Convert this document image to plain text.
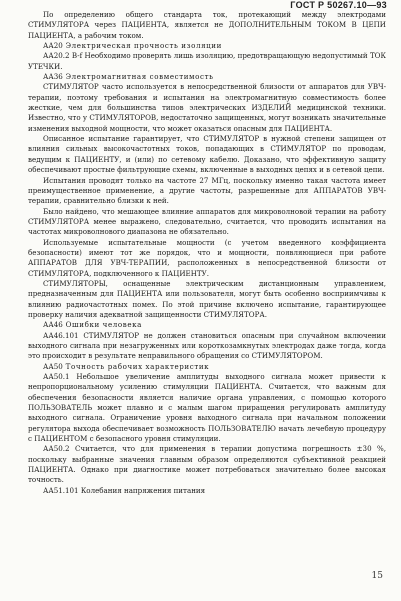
ГОСТ Р 50267.10—93

По определению общего стандарта ток, протекающий между электродами СТИМУЛЯТОРА через ПАЦИЕНТА, является не ДОПОЛНИТЕЛЬНЫМ ТОКОМ В ЦЕПИ ПАЦИЕНТА, а рабочим током.

АА20 Электрическая прочность изоляции

АА20.2 B-f Необходимо проверять лишь изоляцию, предотвращающую недопустимый ТОК УТЕЧКИ.

АА36 Электромагнитная совместимость

СТИМУЛЯТОР часто используется в непосредственной близости от аппаратов для УВЧ-терапии, поэтому требования и испытания на электромагнитную совместимость более жесткие, чем для большинства типов электрических ИЗДЕЛИЙ медицинской техники. Известно, что у СТИМУЛЯТОРОВ, недостаточно защищенных, могут возникать значительные изменения выходной мощности, что может оказаться опасным для ПАЦИЕНТА.

Описанное испытание гарантирует, что СТИМУЛЯТОР в нужной степени защищен от влияния сильных высокочастотных токов, попадающих в СТИМУЛЯТОР по проводам, ведущим к ПАЦИЕНТУ, и (или) по сетевому кабелю. Доказано, что эффективную защиту обеспечивают простые фильтрующие схемы, включенные в выходных цепях и в сетевой цепи.

Испытания проводят только на частоте 27 МГц, поскольку именно такая частота имеет преимущественное применение, а другие частоты, разрешенные для АППАРАТОВ УВЧ-терапии, сравнительно близки к ней.

Было найдено, что мешающее влияние аппаратов для микроволновой терапии на работу СТИМУЛЯТОРА менее выражено, следовательно, считается, что проводить испытания на частотах микроволнового диапазона не обязательно.

Используемые испытательные мощности (с учетом введенного коэффициента безопасности) имеют тот же порядок, что и мощности, появляющиеся при работе АППАРАТОВ ДЛЯ УВЧ-ТЕРАПИИ, расположенных в непосредственной близости от СТИМУЛЯТОРА, подключенного к ПАЦИЕНТУ.

СТИМУЛЯТОРЫ, оснащенные электрическим дистанционным управлением, предназначенным для ПАЦИЕНТА или пользователя, могут быть особенно восприимчивы к влиянию радиочастотных помех. По этой причине включено испытание, гарантирующее проверку наличия адекватной защищенности СТИМУЛЯТОРА.

АА46 Ошибки человека

АА46.101 СТИМУЛЯТОР не должен становиться опасным при случайном включении выходного сигнала при незагруженных или короткозамкнутых электродах даже тогда, когда это происходит в результате неправильного обращения со СТИМУЛЯТОРОМ.

АА50 Точность рабочих характеристик

АА50.1 Небольшое увеличение амплитуды выходного сигнала может привести к непропорциональному усилению стимуляции ПАЦИЕНТА. Считается, что важным для обеспечения безопасности является наличие органа управления, с помощью которого ПОЛЬЗОВАТЕЛЬ может плавно и с малым шагом приращения регулировать амплитуду выходного сигнала. Ограничение уровня выходного сигнала при начальном положении регулятора выхода обеспечивает возможность ПОЛЬЗОВАТЕЛЮ начать лечебную процедуру с ПАЦИЕНТОМ с безопасного уровня стимуляции.

АА50.2 Считается, что для применения в терапии допустима погрешность ±30 %, поскольку выбранные значения главным образом определяются субъективной реакцией ПАЦИЕНТА. Однако при диагностике может потребоваться значительно более высокая точность.

АА51.101 Колебания напряжения питания

15
